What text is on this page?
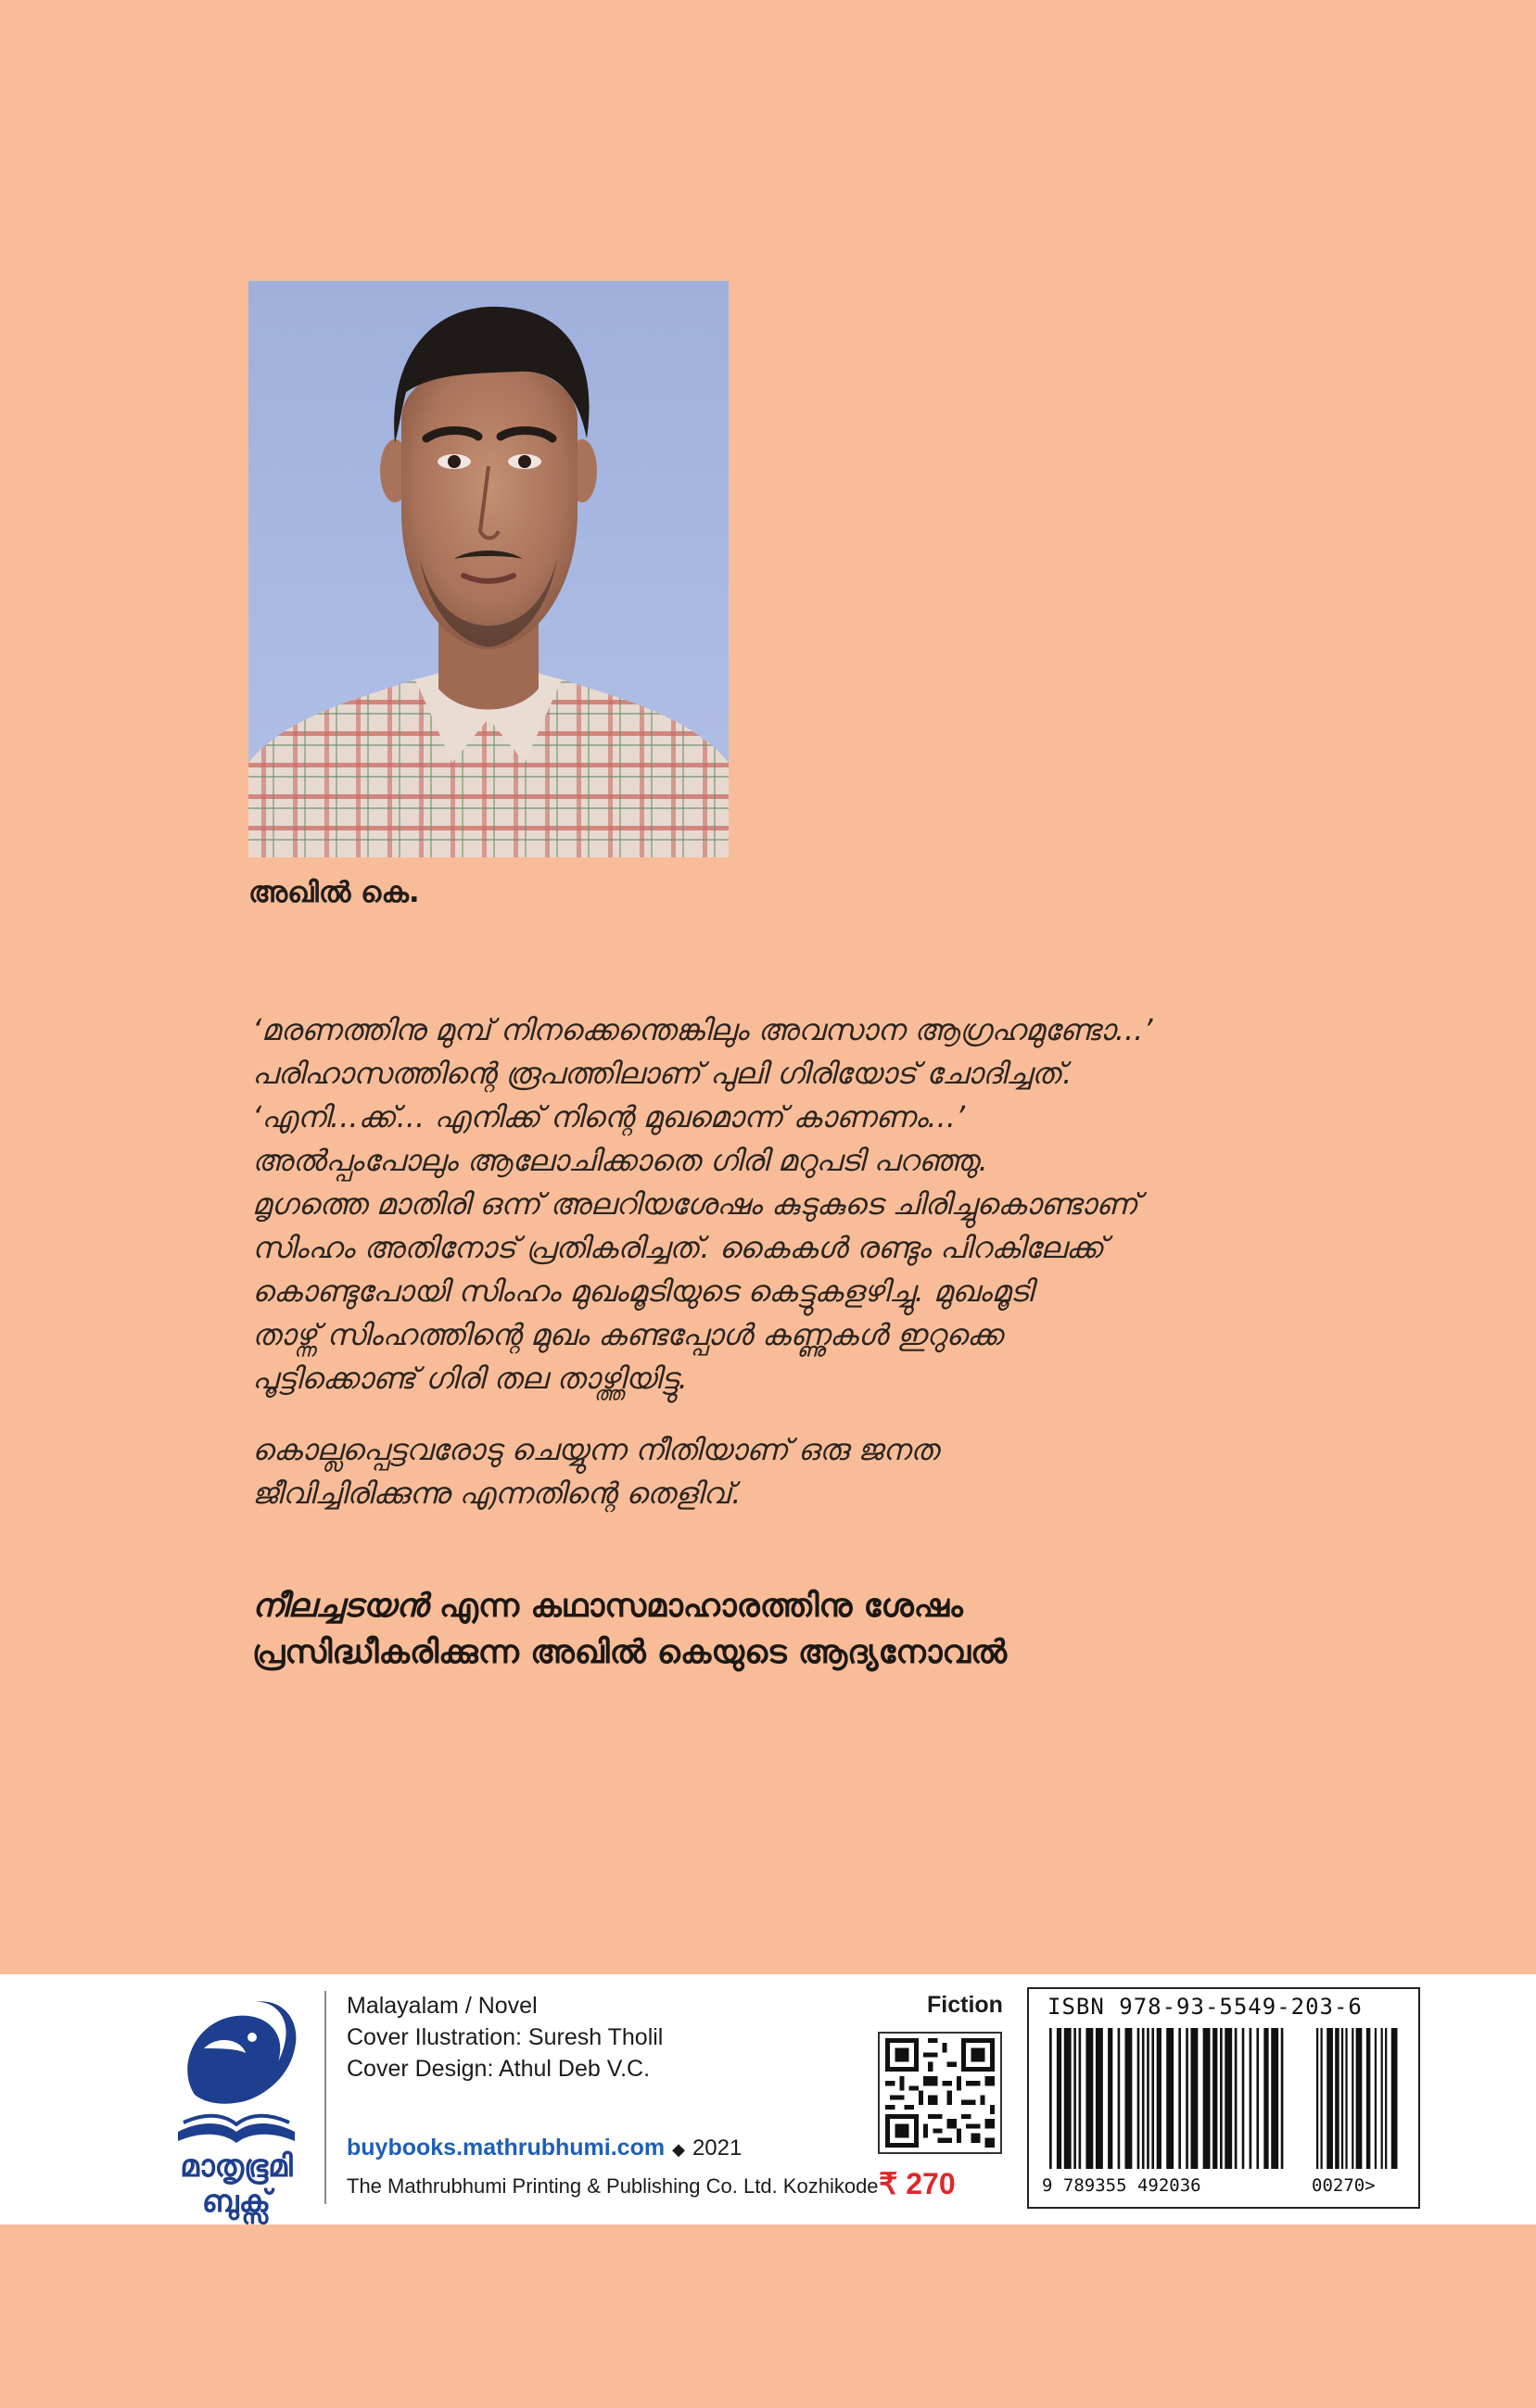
അഖിൽ കെ.

‘മരണത്തിനു മുമ്പ് നിനക്കെന്തെങ്കിലും അവസാന ആഗ്രഹമുണ്ടോ...’
പരിഹാസത്തിന്റെ രൂപത്തിലാണ് പുലി ഗിരിയോട് ചോദിച്ചത്.
‘എനി...ക്ക്... എനിക്ക് നിന്റെ മുഖമൊന്ന് കാണണം...’
അൽപ്പംപോലും ആലോചിക്കാതെ ഗിരി മറുപടി പറഞ്ഞു.
മൃഗത്തെ മാതിരി ഒന്ന് അലറിയശേഷം കുടുകുടെ ചിരിച്ചുകൊണ്ടാണ്
സിംഹം അതിനോട് പ്രതികരിച്ചത്. കൈകൾ രണ്ടും പിറകിലേക്ക്
കൊണ്ടുപോയി സിംഹം മുഖംമൂടിയുടെ കെട്ടുകളഴിച്ചു. മുഖംമൂടി
താഴ്ന്ന് സിംഹത്തിന്റെ മുഖം കണ്ടപ്പോൾ കണ്ണുകൾ ഇറുക്കെ
പൂട്ടിക്കൊണ്ട് ഗിരി തല താഴ്ത്തിയിട്ടു.

കൊല്ലപ്പെട്ടവരോടു ചെയ്യുന്ന നീതിയാണ് ഒരു ജനത
ജീവിച്ചിരിക്കുന്നു എന്നതിന്റെ തെളിവ്.

നീലച്ചടയൻ എന്ന കഥാസമാഹാരത്തിനു ശേഷം
പ്രസിദ്ധീകരിക്കുന്ന അഖിൽ കെയുടെ ആദ്യനോവൽ
മാതൃഭൂമി
ബുക്സ്
Malayalam / Novel
Cover Ilustration: Suresh Tholil
Cover Design: Athul Deb V.C.
buybooks.mathrubhumi.com ◆ 2021
The Mathrubhumi Printing & Publishing Co. Ltd. Kozhikode
Fiction
₹ 270
ISBN 978-93-5549-203-6
9 789355 492036	00270>
